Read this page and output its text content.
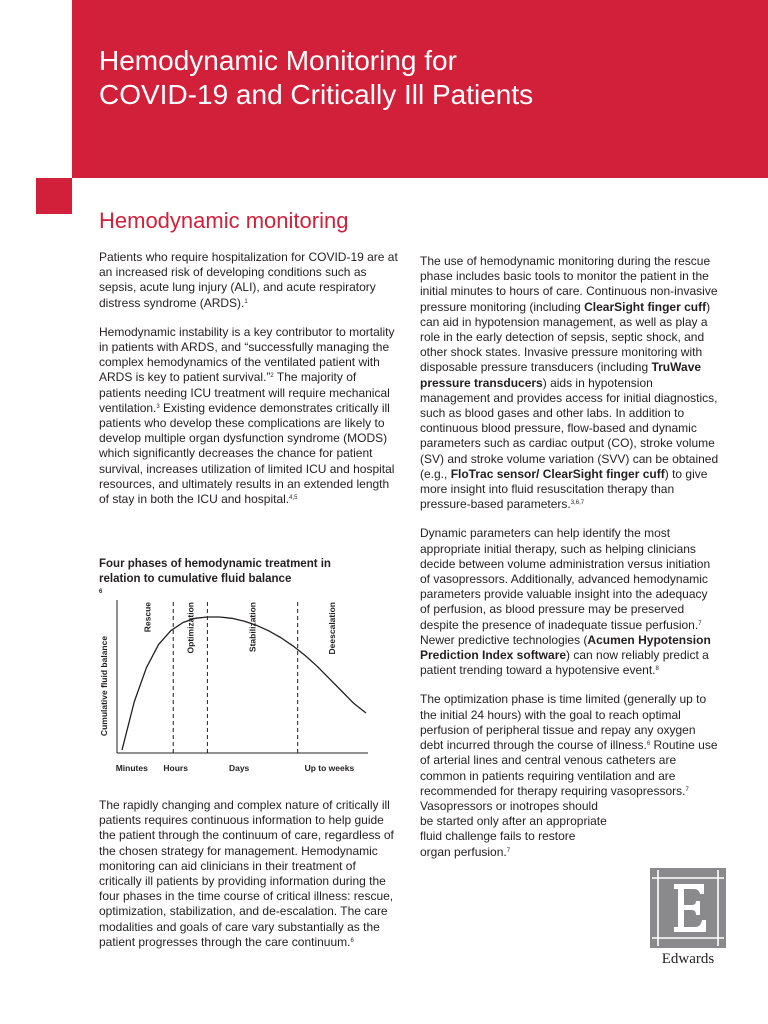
Hemodynamic Monitoring for
COVID-19 and Critically Ill Patients
Hemodynamic monitoring

Patients who require hospitalization for COVID-19 are at an increased risk of developing conditions such as sepsis, acute lung injury (ALI), and acute respiratory distress syndrome (ARDS).$^1$

Hemodynamic instability is a key contributor to mortality in patients with ARDS, and “successfully managing the complex hemodynamics of the ventilated patient with ARDS is key to patient survival.”$^2$ The majority of patients needing ICU treatment will require mechanical ventilation.$^3$ Existing evidence demonstrates critically ill patients who develop these complications are likely to develop multiple organ dysfunction syndrome (MODS) which significantly decreases the chance for patient survival, increases utilization of limited ICU and hospital resources, and ultimately results in an extended length of stay in both the ICU and hospital.$^{4,5}$

Four phases of hemodynamic treatment in
relation to cumulative fluid balance
$^6$
Cumulative fluid balance
Rescue	Optimization	Stabilization	Deescalation
Minutes Hours	Days	Up to weeks

The rapidly changing and complex nature of critically ill patients requires continuous information to help guide the patient through the continuum of care, regardless of the chosen strategy for management. Hemodynamic monitoring can aid clinicians in their treatment of critically ill patients by providing information during the four phases in the time course of critical illness: rescue, optimization, stabilization, and de-escalation. The care modalities and goals of care vary substantially as the patient progresses through the care continuum.$^6$

The use of hemodynamic monitoring during the rescue phase includes basic tools to monitor the patient in the initial minutes to hours of care. Continuous non-invasive pressure monitoring (including ClearSight finger cuff) can aid in hypotension management, as well as play a role in the early detection of sepsis, septic shock, and other shock states. Invasive pressure monitoring with disposable pressure transducers (including TruWave pressure transducers) aids in hypotension management and provides access for initial diagnostics, such as blood gases and other labs. In addition to continuous blood pressure, flow-based and dynamic parameters such as cardiac output (CO), stroke volume (SV) and stroke volume variation (SVV) can be obtained (e.g., FloTrac sensor/ ClearSight finger cuff) to give more insight into fluid resuscitation therapy than pressure-based parameters.$^{3,6,7}$

Dynamic parameters can help identify the most appropriate initial therapy, such as helping clinicians decide between volume administration versus initiation of vasopressors. Additionally, advanced hemodynamic parameters provide valuable insight into the adequacy of perfusion, as blood pressure may be preserved despite the presence of inadequate tissue perfusion.$^7$ Newer predictive technologies (Acumen Hypotension Prediction Index software) can now reliably predict a patient trending toward a hypotensive event.$^8$

The optimization phase is time limited (generally up to the initial 24 hours) with the goal to reach optimal perfusion of peripheral tissue and repay any oxygen debt incurred through the course of illness.$^6$ Routine use of arterial lines and central venous catheters are common in patients requiring ventilation and are recommended for therapy requiring vasopressors.$^7$
Vasopressors or inotropes should
be started only after an appropriate
fluid challenge fails to restore
organ perfusion.$^7$

Edwards
